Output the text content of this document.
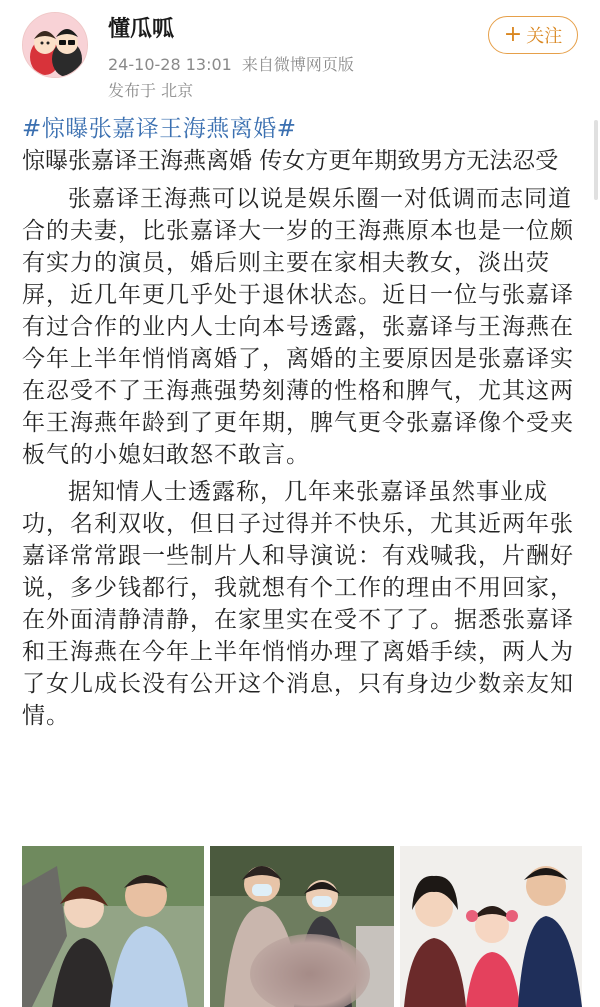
懂瓜呱
24-10-28 13:01 来自微博网页版
发布于 北京
+ 关注
#惊曝张嘉译王海燕离婚#
惊曝张嘉译王海燕离婚 传女方更年期致男方无法忍受

张嘉译王海燕可以说是娱乐圈一对低调而志同道合的夫妻，比张嘉译大一岁的王海燕原本也是一位颇有实力的演员，婚后则主要在家相夫教女，淡出荧屏，近几年更几乎处于退休状态。近日一位与张嘉译有过合作的业内人士向本号透露，张嘉译与王海燕在今年上半年悄悄离婚了，离婚的主要原因是张嘉译实在忍受不了王海燕强势刻薄的性格和脾气，尤其这两年王海燕年龄到了更年期，脾气更令张嘉译像个受夹板气的小媳妇敢怒不敢言。

据知情人士透露称，几年来张嘉译虽然事业成功，名利双收，但日子过得并不快乐，尤其近两年张嘉译常常跟一些制片人和导演说：有戏喊我，片酬好说，多少钱都行，我就想有个工作的理由不用回家，在外面清静清静，在家里实在受不了了。据悉张嘉译和王海燕在今年上半年悄悄办理了离婚手续，两人为了女儿成长没有公开这个消息，只有身边少数亲友知情。
